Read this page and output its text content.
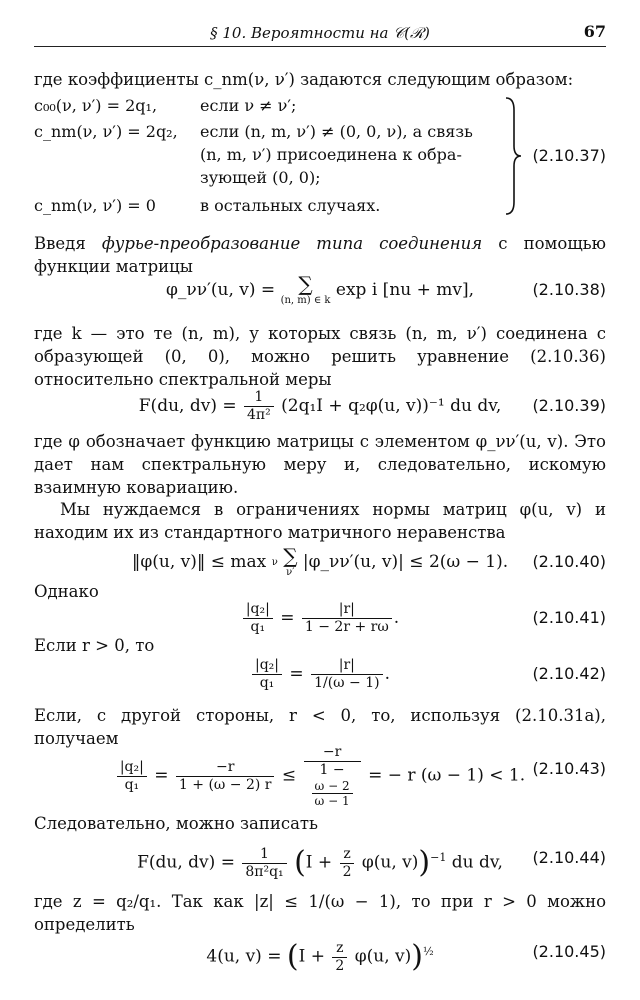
§ 10. Вероятности на 𝒞(ℛ)	67

где коэффициенты c_nm(ν, ν′) задаются следующим образом:

c₀₀(ν, ν′) = 2q₁,	если ν ≠ ν′;
c_nm(ν, ν′) = 2q₂,	если (n, m, ν′) ≠ (0, 0, ν), а связь
(n, m, ν′) присоединена к обра-
зующей (0, 0);
c_nm(ν, ν′) = 0	в остальных случаях.
(2.10.37)

Введя фурье-преобразование типа соединения с помощью функции матрицы

φ_νν′(u, v) =	∑
(n, m) ∈ k exp i [nu + mv],	(2.10.38)

где k — это те (n, m), у которых связь (n, m, ν′) соединена с образующей (0, 0), можно решить уравнение (2.10.36) относительно спектральной меры

F(du, $dv) = \frac{1}{\text{4π²}} (2q_1I + q_2\varphi(u$, v))⁻¹ du dv,	(2.10.39)

где φ обозначает функцию матрицы с элементом φ_νν′(u, v). Это дает нам спектральную меру и, следовательно, искомую взаимную ковариацию.

Мы нуждаемся в ограничениях нормы матриц φ(u, v) и находим их из стандартного матричного неравенства

‖φ(u, v)‖ ≤ max ν
∑
ν′ |φ_νν′(u, v)| ≤ 2(ω − 1).	(2.10.40)

Однако

$\frac{\text{|q₂|}}{\text{q₁}} = \frac{|r|}{1 - 2r + r\omega}$ .	(2.10.41)

Если r > 0, то

$\frac{\text{|q₂|}}{\text{q₁}} = \frac{|r|}{1/(\omega - 1)}$ .	(2.10.42)

Если, с другой стороны, r < 0, то, используя (2.10.31a), получаем

$\frac{\text{|q₂|}}{\text{q₁}} = \frac{-r}{1 + (\omega - 2) r} \le -r$
1 −
ω − 2
ω − 1 = − r (ω − 1) < 1. (2.10.43)

Следовательно, можно записать

F(du, $dv) = \frac{1}{\text{8π²q₁}} (I + \frac{z}{2} \varphi(u$, v))$^{-1}$ du dv,	(2.10.44)

где z = q₂/q₁. Так как |z| ≤ 1/(ω − 1), то при r > 0 можно определить

4(u, $v) = (I + \frac{z}{2} \varphi(u$, v))$^{\frac{1}{2}}$	(2.10.45)
